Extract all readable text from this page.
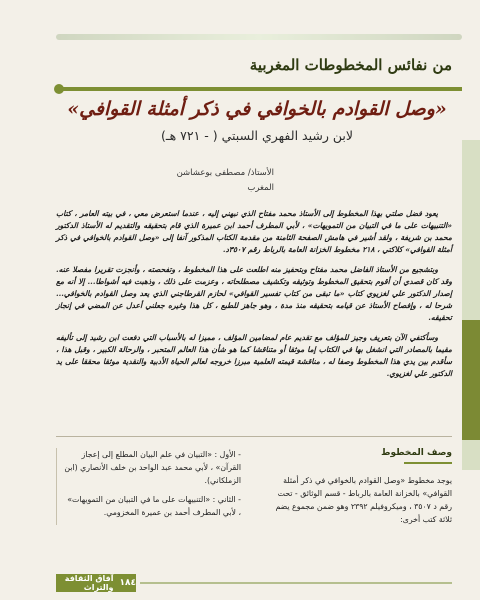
من نفائس المخطوطات المغربية
«وصل القوادم بالخوافي في ذكر أمثلة القوافي»
لابن رشيد الفهري السبتي ( - ٧٢١ هـ)
الأستاذ/ مصطفى بوعشاشن
المغرب

يعود فضل صلتي بهذا المخطوط إلى الأستاذ محمد مفتاح الذي نبهني إليه ، عندما استعرض معي ، في بيته العامر ، كتاب «التنبيهات على ما في التبيان من التمويهات» ، لأبي المطرف أحمد ابن عميرة الذي قام بتحقيقه والتقديم له الأستاذ الدكتور محمد بن شريفة ، ولقد أشير في هامش الصفحة الثامنة من مقدمة الكتاب المذكور آنفا إلى «وصل القوادم بالخوافي في ذكر أمثلة القوافي» كلاكتي ، ٢١٨ مخطوط الخزانة العامة بالرباط رقم ٣٥٠٧د.

وبتشجيع من الأستاذ الفاضل محمد مفتاح وبتحفيز منه اطلعت على هذا المخطوط ، وتفحصته ، وأنجزت تقريرا مفصلا عنه. وقد كان قصدي أن أقوم بتحقيق المخطوط وتوثيقه وتكشيف مصطلحاته ، وعزمت على ذلك ، وذهبت فيه أشواطا... إلا أنه مع إصدار الدكتور علي لغزيوي كتاب «ما تبقى من كتاب تفسير القوافي» لحازم القرطاجني الذي يعد وصل القوادم بالخوافي... شرحا له ، وإفصاح الأستاذ عن قيامه بتحقيقه منذ مدة ، وهو جاهز للطبع ، كل هذا وغيره جعلني أعدل عن المضي في إنجاز تحقيقه.

وسأكتفي الآن بتعريف وجيز للمؤلف مع تقديم عام لمضامين المؤلف ، مميزا له بالأسباب التي دفعت ابن رشيد إلى تأليفه مقيما بالمصادر التي انشغل بها في الكتاب إما موثقا أو متناقشا كما هو شأن هذا العالم المتحبر ، والرحالة الكبير ، وقبل هذا ، سأقدم بين يدي هذا المخطوط وصفا له ، مناقشة قيمته العلمية مبرزا خروجه لعالم الحياة الأدبية والنقدية موثقا محققا على يد الدكتور علي لغزيوي.

وصف المخطوط

يوجد مخطوط «وصل القوادم بالخوافي في ذكر أمثلة القوافي» بالخزانة العامة بالرباط - قسم الوثائق - تحت رقم د ٣٥٠٧ ، وميكروفيلم ٢٣٩٢ وهو ضمن مجموع يضم ثلاثة كتب أخرى:

- الأول : «التبيان في علم البيان المطلع إلى إعجاز القرآن» ، لأبي محمد عبد الواحد بن خلف الأنصاري (ابن الزملكاني).

- الثاني : «التنبيهات على ما في التبيان من التمويهات» ، لأبي المطرف أحمد بن عميرة المخزومي.

١٨٤
آفاق الثقافة والتراث
